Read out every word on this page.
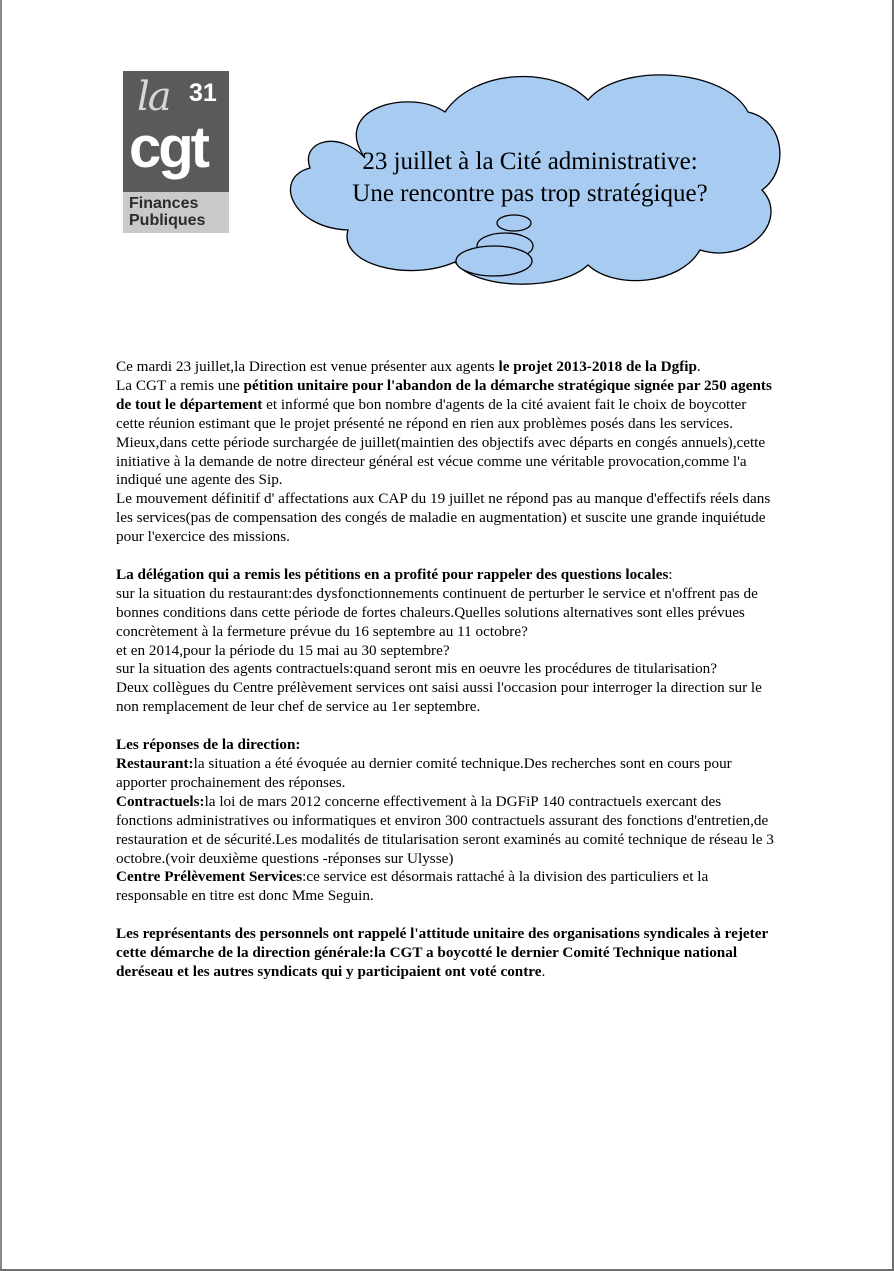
la 31
cgt
Finances
Publiques
23 juillet à la Cité administrative:
Une rencontre pas trop stratégique?

Ce mardi 23 juillet,la Direction est venue présenter aux agents le projet 2013-2018 de la Dgfip.

La CGT a remis une pétition unitaire pour l'abandon de la démarche stratégique signée par 250 agents de tout le département et informé que bon nombre d'agents de la cité avaient fait le choix de boycotter cette réunion estimant que le projet présenté ne répond en rien aux problèmes posés dans les services.

Mieux,dans cette période surchargée de juillet(maintien des objectifs avec départs en congés annuels),cette initiative à la demande de notre directeur général est vécue comme une véritable provocation,comme l'a indiqué une agente des Sip.

Le mouvement définitif d' affectations aux CAP du 19 juillet ne répond pas au manque d'effectifs réels dans les services(pas de compensation des congés de maladie en augmentation) et suscite une grande inquiétude pour l'exercice des missions.

La délégation qui a remis les pétitions en a profité pour rappeler des questions locales:

sur la situation du restaurant:des dysfonctionnements continuent de perturber le service et n'offrent pas de bonnes conditions dans cette période de fortes chaleurs.Quelles solutions alternatives sont elles prévues concrètement à la fermeture prévue du 16 septembre au 11 octobre?

et en 2014,pour la période du 15 mai au 30 septembre?

sur la situation des agents contractuels:quand seront mis en oeuvre les procédures de titularisation?

Deux collègues du Centre prélèvement services ont saisi aussi l'occasion pour interroger la direction sur le non remplacement de leur chef de service au 1er septembre.

Les réponses de la direction:

Restaurant:la situation a été évoquée au dernier comité technique.Des recherches sont en cours pour apporter prochainement des réponses.

Contractuels:la loi de mars 2012 concerne effectivement à la DGFiP 140 contractuels exercant des fonctions administratives ou informatiques et environ 300 contractuels assurant des fonctions d'entretien,de restauration et de sécurité.Les modalités de titularisation seront examinés au comité technique de réseau le 3 octobre.(voir deuxième questions -réponses sur Ulysse)

Centre Prélèvement Services:ce service est désormais rattaché à la division des particuliers et la responsable en titre est donc Mme Seguin.

Les représentants des personnels ont rappelé l'attitude unitaire des organisations syndicales à rejeter cette démarche de la direction générale:la CGT a boycotté le dernier Comité Technique national deréseau et les autres syndicats qui y participaient ont voté contre.
